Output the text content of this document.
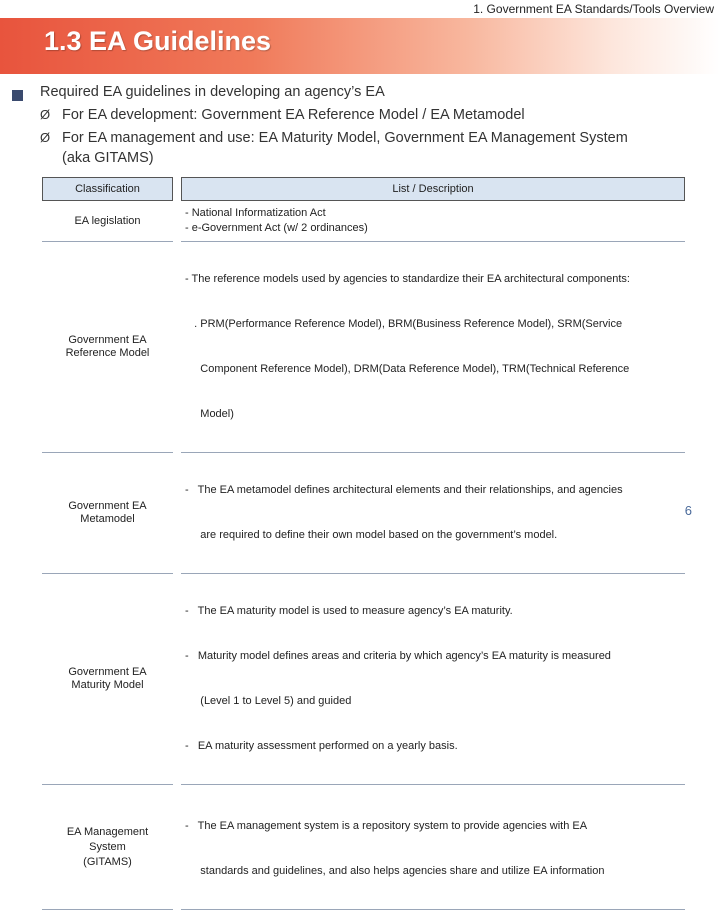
1. Government EA Standards/Tools Overview
1.3 EA Guidelines
Required EA guidelines in developing an agency’s EA
Ø For EA development: Government EA Reference Model / EA Metamodel
Ø For EA management and use: EA Maturity Model, Government EA Management System
(aka GITAMS)
Classification		List / Description

EA legislation		- National Informatization Act
- e-Government Act (w/ 2 ordinances)

Government EA
Reference Model		- The reference models used by agencies to standardize their EA architectural components:

. PRM(Performance Reference Model), BRM(Business Reference Model), SRM(Service

Component Reference Model), DRM(Data Reference Model), TRM(Technical Reference

Model)

Government EA
Metamodel		-   The EA metamodel defines architectural elements and their relationships, and agencies

are required to define their own model based on the government’s model.

Government EA
Maturity Model		-   The EA maturity model is used to measure agency’s EA maturity.

-   Maturity model defines areas and criteria by which agency’s EA maturity is measured

(Level 1 to Level 5) and guided

-   EA maturity assessment performed on a yearly basis.

EA Management
System
(GITAMS)		-   The EA management system is a repository system to provide agencies with EA

standards and guidelines, and also helps agencies share and utilize EA information

6
